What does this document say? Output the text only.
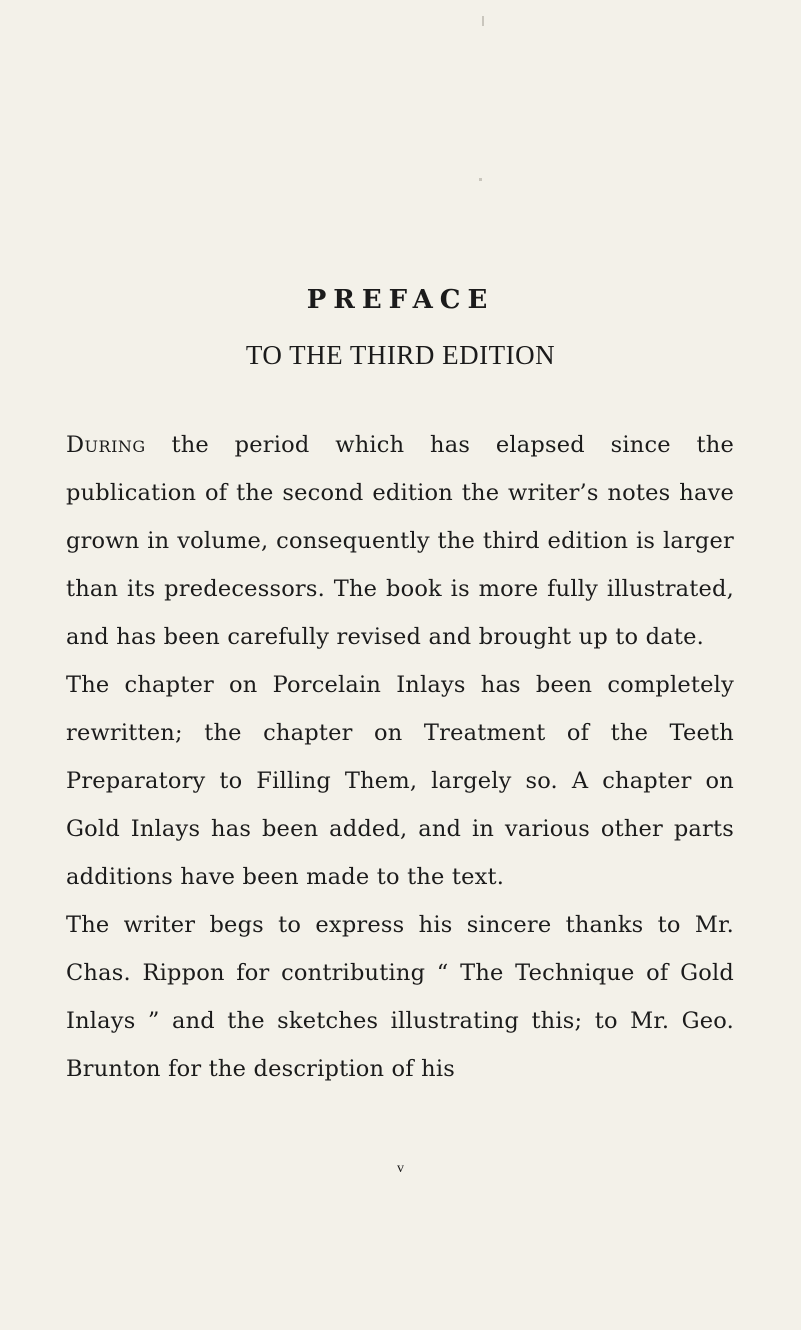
PREFACE
TO THE THIRD EDITION

During the period which has elapsed since the publication of the second edition the writer’s notes have grown in volume, consequently the third edition is larger than its predecessors. The book is more fully illustrated, and has been carefully revised and brought up to date.

The chapter on Porcelain Inlays has been completely rewritten; the chapter on Treatment of the Teeth Preparatory to Filling Them, largely so. A chapter on Gold Inlays has been added, and in various other parts additions have been made to the text.

The writer begs to express his sincere thanks to Mr. Chas. Rippon for contributing “ The Technique of Gold Inlays ” and the sketches illustrating this; to Mr. Geo. Brunton for the description of his

v
